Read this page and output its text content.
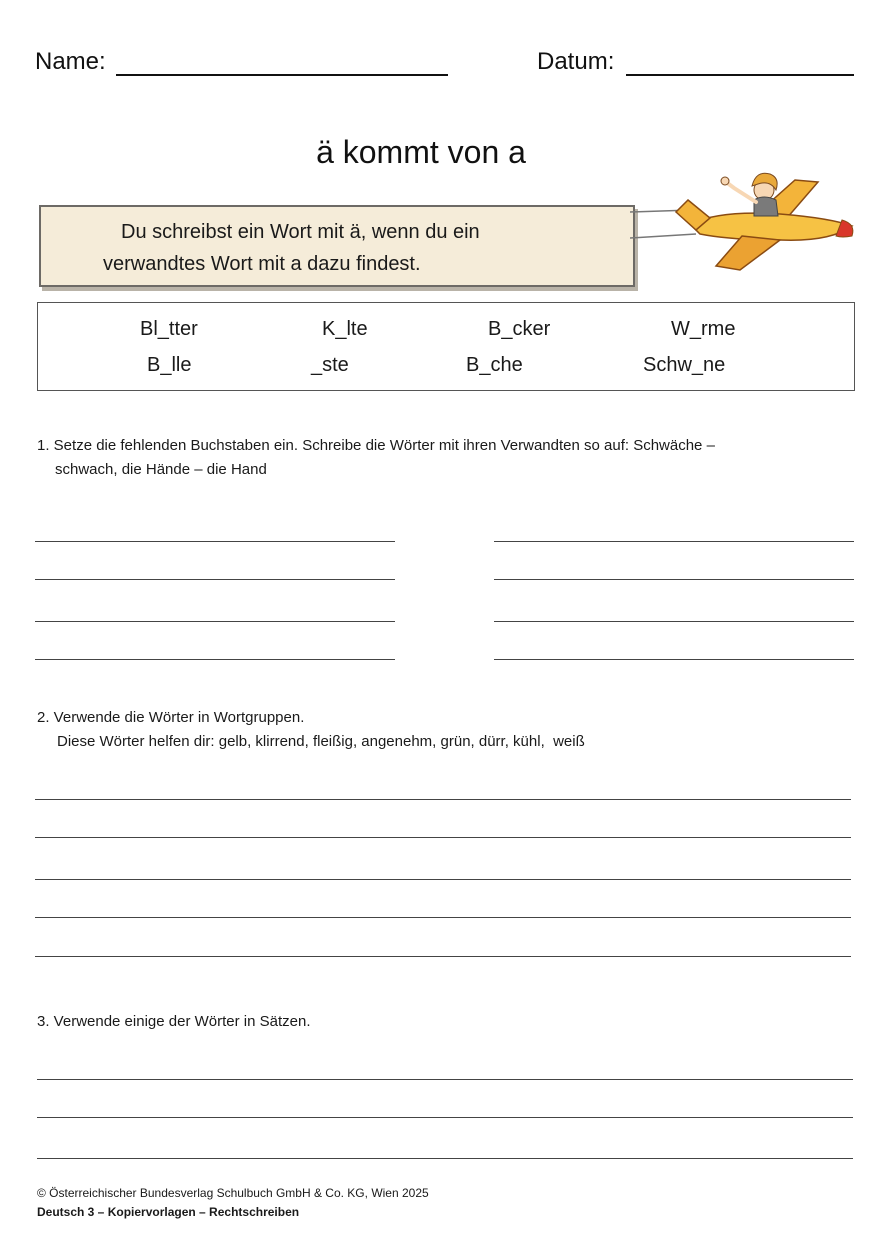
Name:	Datum:
ä kommt von a
Du schreibst ein Wort mit ä, wenn du ein
verwandtes Wort mit a dazu findest.
Bl_tter	K_lte	B_cker	W_rme
B_lle	_ste	B_che	Schw_ne
1. Setze die fehlenden Buchstaben ein. Schreibe die Wörter mit ihren Verwandten so auf: Schwäche –
schwach, die Hände – die Hand
2. Verwende die Wörter in Wortgruppen.
Diese Wörter helfen dir: gelb, klirrend, fleißig, angenehm, grün, dürr, kühl,  weiß
3. Verwende einige der Wörter in Sätzen.
© Österreichischer Bundesverlag Schulbuch GmbH & Co. KG, Wien 2025
Deutsch 3 – Kopiervorlagen – Rechtschreiben
